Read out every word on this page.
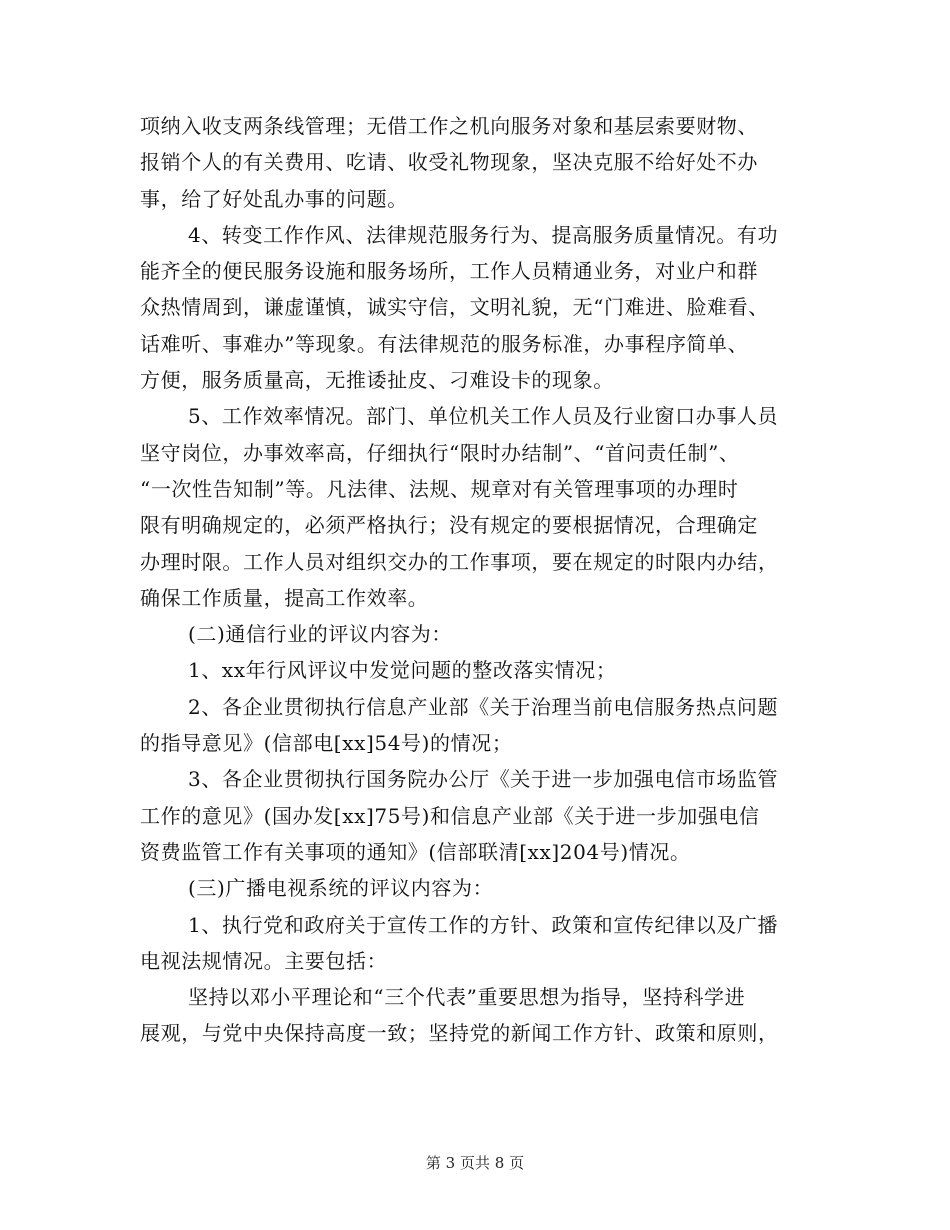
项纳入收支两条线管理；无借工作之机向服务对象和基层索要财物、
报销个人的有关费用、吃请、收受礼物现象，坚决克服不给好处不办
事，给了好处乱办事的问题。
4、转变工作作风、法律规范服务行为、提高服务质量情况。有功
能齐全的便民服务设施和服务场所，工作人员精通业务，对业户和群
众热情周到，谦虚谨慎，诚实守信，文明礼貌，无“门难进、脸难看、
话难听、事难办”等现象。有法律规范的服务标准，办事程序简单、
方便，服务质量高，无推诿扯皮、刁难设卡的现象。
5、工作效率情况。部门、单位机关工作人员及行业窗口办事人员
坚守岗位，办事效率高，仔细执行“限时办结制”、“首问责任制”、
“一次性告知制”等。凡法律、法规、规章对有关管理事项的办理时
限有明确规定的，必须严格执行；没有规定的要根据情况，合理确定
办理时限。工作人员对组织交办的工作事项，要在规定的时限内办结，
确保工作质量，提高工作效率。
(二)通信行业的评议内容为：
1、xx年行风评议中发觉问题的整改落实情况；
2、各企业贯彻执行信息产业部《关于治理当前电信服务热点问题
的指导意见》(信部电[xx]54号)的情况；
3、各企业贯彻执行国务院办公厅《关于进一步加强电信市场监管
工作的意见》(国办发[xx]75号)和信息产业部《关于进一步加强电信
资费监管工作有关事项的通知》(信部联清[xx]204号)情况。
(三)广播电视系统的评议内容为：
1、执行党和政府关于宣传工作的方针、政策和宣传纪律以及广播
电视法规情况。主要包括：
坚持以邓小平理论和“三个代表”重要思想为指导，坚持科学进
展观，与党中央保持高度一致；坚持党的新闻工作方针、政策和原则，
第 3 页共 8 页
